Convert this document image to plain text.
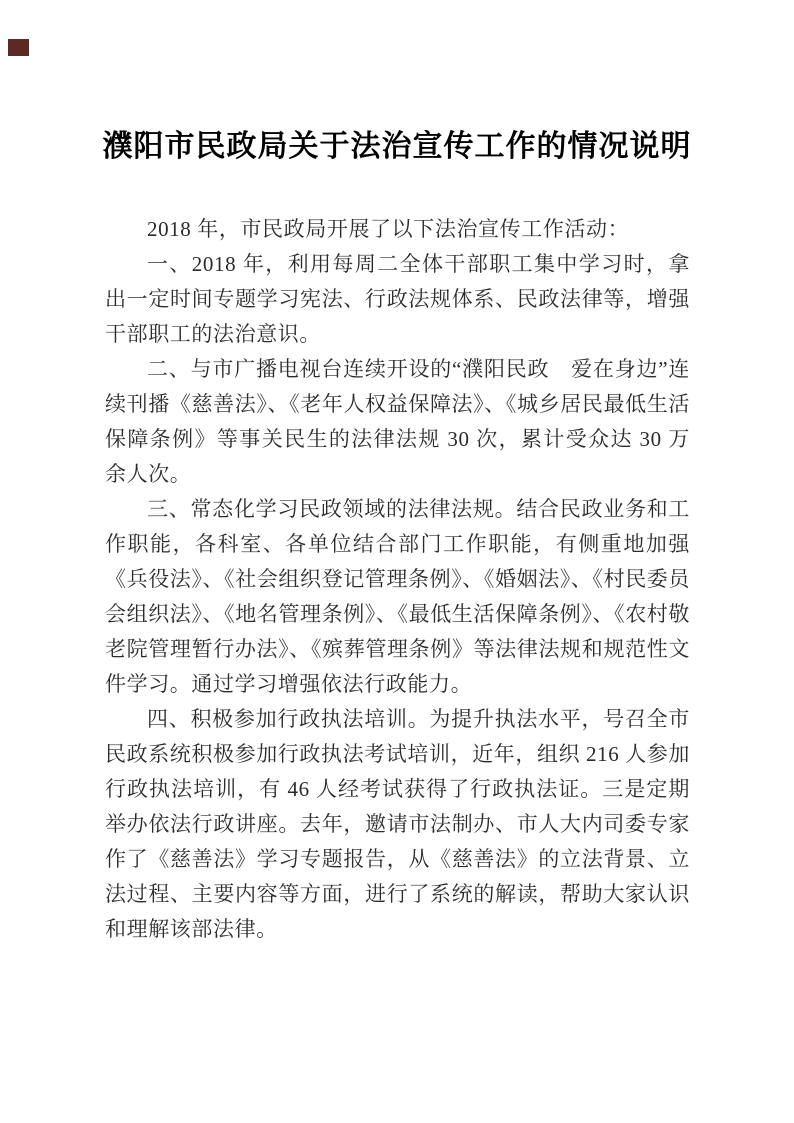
濮阳市民政局关于法治宣传工作的情况说明

2018 年，市民政局开展了以下法治宣传工作活动：

一、2018 年，利用每周二全体干部职工集中学习时，拿出一定时间专题学习宪法、行政法规体系、民政法律等，增强干部职工的法治意识。

二、与市广播电视台连续开设的“濮阳民政　爱在身边”连续刊播《慈善法》、《老年人权益保障法》、《城乡居民最低生活保障条例》等事关民生的法律法规 30 次，累计受众达 30 万余人次。

三、常态化学习民政领域的法律法规。结合民政业务和工作职能，各科室、各单位结合部门工作职能，有侧重地加强《兵役法》、《社会组织登记管理条例》、《婚姻法》、《村民委员会组织法》、《地名管理条例》、《最低生活保障条例》、《农村敬老院管理暂行办法》、《殡葬管理条例》等法律法规和规范性文件学习。通过学习增强依法行政能力。

四、积极参加行政执法培训。为提升执法水平，号召全市民政系统积极参加行政执法考试培训，近年，组织 216 人参加行政执法培训，有 46 人经考试获得了行政执法证。三是定期举办依法行政讲座。去年，邀请市法制办、市人大内司委专家作了《慈善法》学习专题报告，从《慈善法》的立法背景、立法过程、主要内容等方面，进行了系统的解读，帮助大家认识和理解该部法律。
